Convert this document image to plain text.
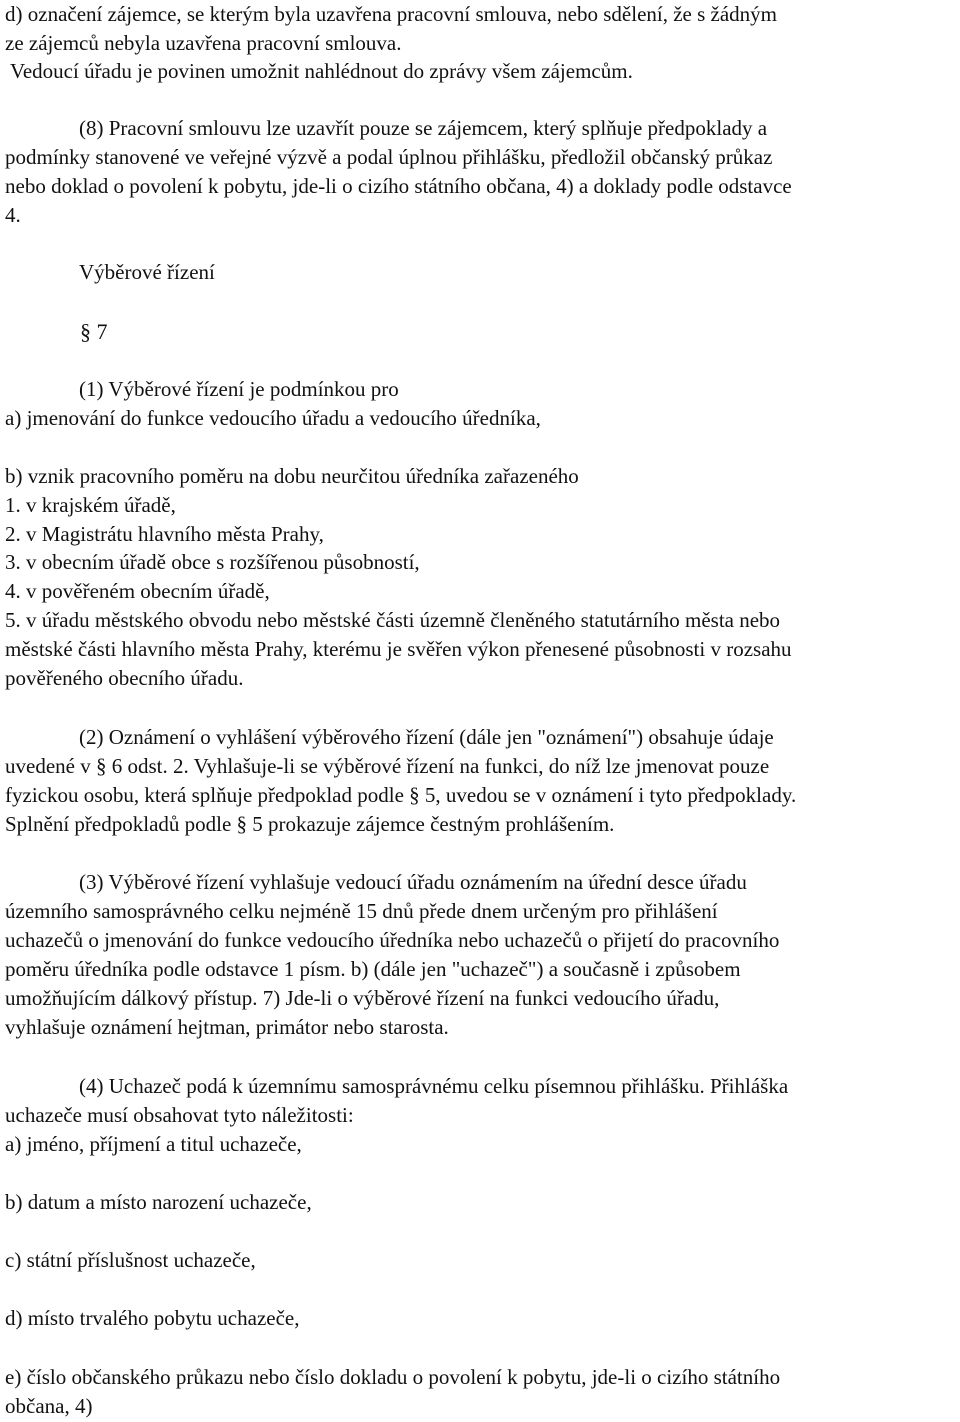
d) označení zájemce, se kterým byla uzavřena pracovní smlouva, nebo sdělení, že s žádným
ze zájemců nebyla uzavřena pracovní smlouva.
Vedoucí úřadu je povinen umožnit nahlédnout do zprávy všem zájemcům.
(8) Pracovní smlouvu lze uzavřít pouze se zájemcem, který splňuje předpoklady a
podmínky stanovené ve veřejné výzvě a podal úplnou přihlášku, předložil občanský průkaz
nebo doklad o povolení k pobytu, jde-li o cizího státního občana, 4) a doklady podle odstavce
4.
Výběrové řízení
§ 7
(1) Výběrové řízení je podmínkou pro
a) jmenování do funkce vedoucího úřadu a vedoucího úředníka,
b) vznik pracovního poměru na dobu neurčitou úředníka zařazeného
1. v krajském úřadě,
2. v Magistrátu hlavního města Prahy,
3. v obecním úřadě obce s rozšířenou působností,
4. v pověřeném obecním úřadě,
5. v úřadu městského obvodu nebo městské části územně členěného statutárního města nebo
městské části hlavního města Prahy, kterému je svěřen výkon přenesené působnosti v rozsahu
pověřeného obecního úřadu.
(2) Oznámení o vyhlášení výběrového řízení (dále jen "oznámení") obsahuje údaje
uvedené v § 6 odst. 2. Vyhlašuje-li se výběrové řízení na funkci, do níž lze jmenovat pouze
fyzickou osobu, která splňuje předpoklad podle § 5, uvedou se v oznámení i tyto předpoklady.
Splnění předpokladů podle § 5 prokazuje zájemce čestným prohlášením.
(3) Výběrové řízení vyhlašuje vedoucí úřadu oznámením na úřední desce úřadu
územního samosprávného celku nejméně 15 dnů přede dnem určeným pro přihlášení
uchazečů o jmenování do funkce vedoucího úředníka nebo uchazečů o přijetí do pracovního
poměru úředníka podle odstavce 1 písm. b) (dále jen "uchazeč") a současně i způsobem
umožňujícím dálkový přístup. 7) Jde-li o výběrové řízení na funkci vedoucího úřadu,
vyhlašuje oznámení hejtman, primátor nebo starosta.
(4) Uchazeč podá k územnímu samosprávnému celku písemnou přihlášku. Přihláška
uchazeče musí obsahovat tyto náležitosti:
a) jméno, příjmení a titul uchazeče,
b) datum a místo narození uchazeče,
c) státní příslušnost uchazeče,
d) místo trvalého pobytu uchazeče,
e) číslo občanského průkazu nebo číslo dokladu o povolení k pobytu, jde-li o cizího státního
občana, 4)
